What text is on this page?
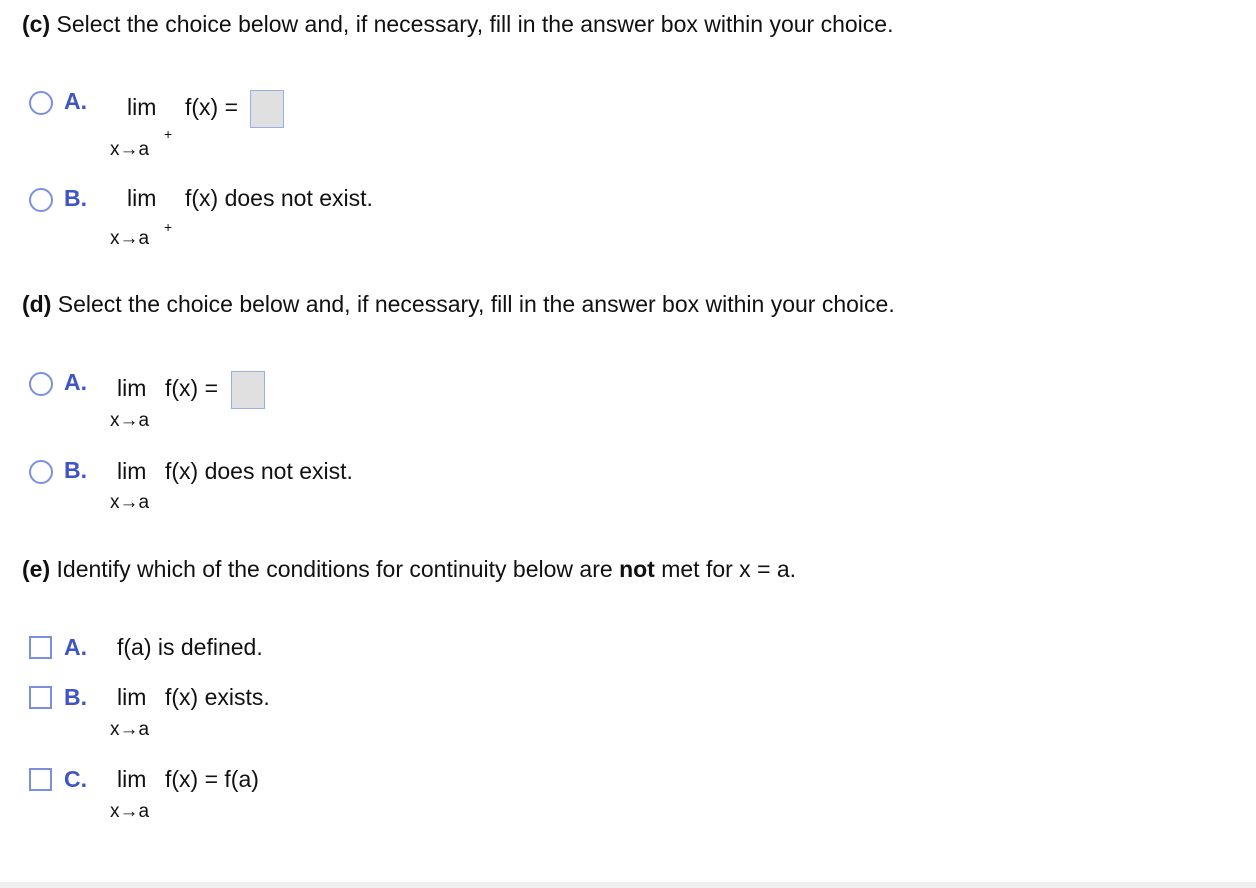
(c) Select the choice below and, if necessary, fill in the answer box within your choice.
A. lim f(x) =
x→a
+
B. lim f(x) does not exist.
x→a
+
(d) Select the choice below and, if necessary, fill in the answer box within your choice.
A. lim f(x) =
x→a
B. lim f(x) does not exist.
x→a
(e) Identify which of the conditions for continuity below are not met for x = a.
A. f(a) is defined.
B. lim f(x) exists.
x→a
C. lim f(x) = f(a)
x→a
